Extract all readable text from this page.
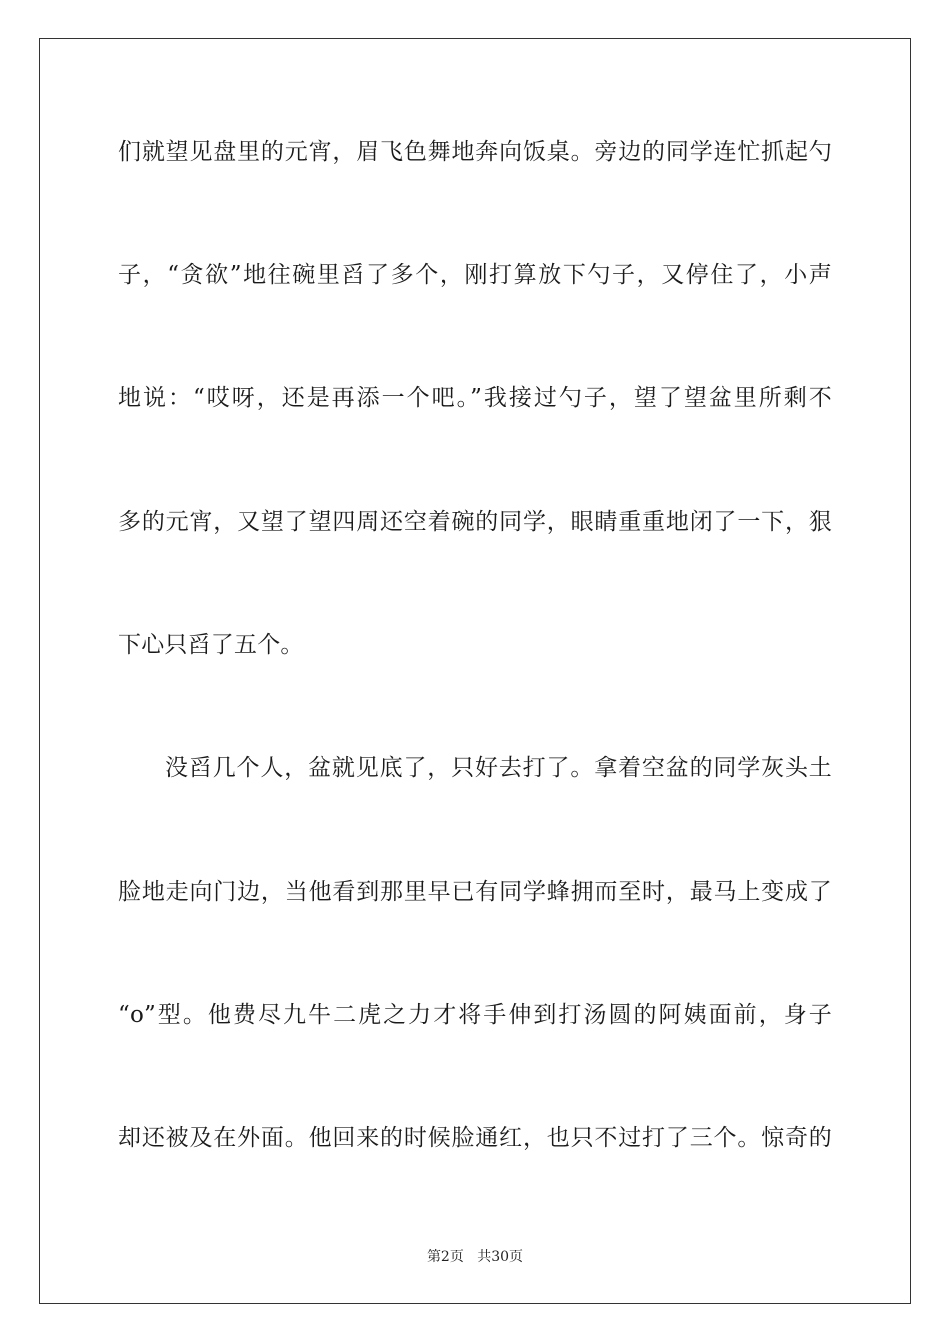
们就望见盘里的元宵，眉飞色舞地奔向饭桌。旁边的同学连忙抓起勺
子，“贪欲”地往碗里舀了多个，刚打算放下勺子，又停住了，小声
地说：“哎呀，还是再添一个吧。”我接过勺子，望了望盆里所剩不
多的元宵，又望了望四周还空着碗的同学，眼睛重重地闭了一下，狠
下心只舀了五个。
没舀几个人，盆就见底了，只好去打了。拿着空盆的同学灰头土
脸地走向门边，当他看到那里早已有同学蜂拥而至时，最马上变成了
“o”型。他费尽九牛二虎之力才将手伸到打汤圆的阿姨面前，身子
却还被及在外面。他回来的时候脸通红，也只不过打了三个。惊奇的
第2页 共30页
